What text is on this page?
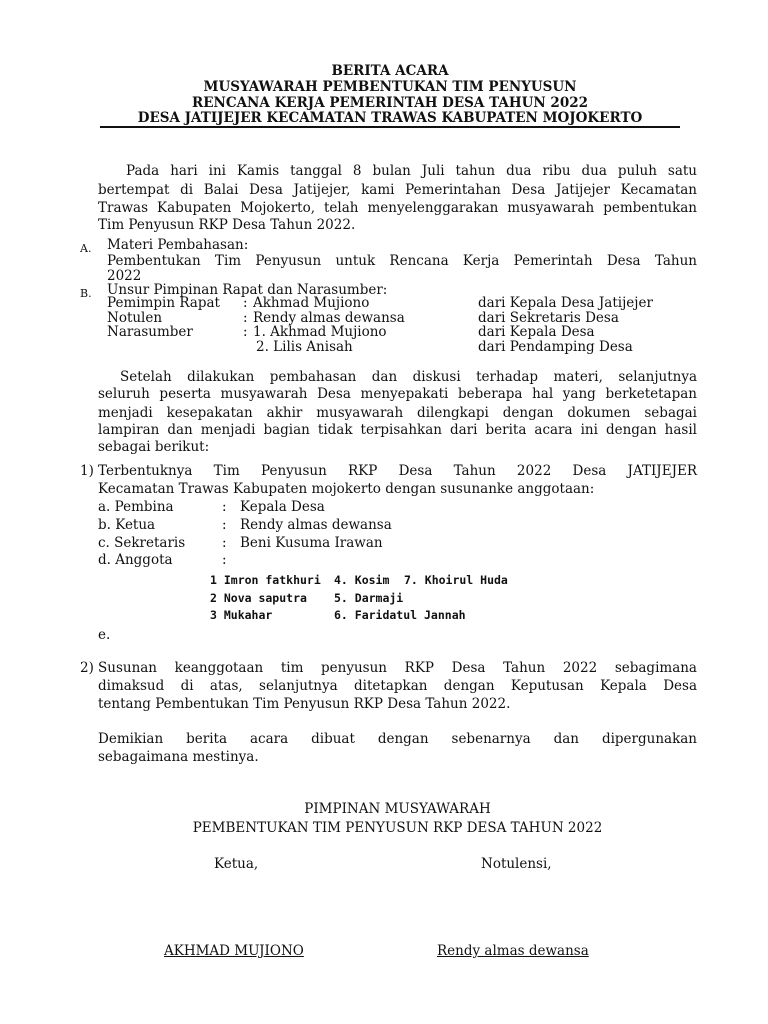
BERITA ACARA
MUSYAWARAH PEMBENTUKAN TIM PENYUSUN
RENCANA KERJA PEMERINTAH DESA TAHUN 2022
DESA JATIJEJER KECAMATAN TRAWAS KABUPATEN MOJOKERTO
Pada hari ini Kamis tanggal 8 bulan Juli tahun dua ribu dua puluh satu
bertempat di Balai Desa Jatijejer, kami Pemerintahan Desa Jatijejer Kecamatan
Trawas Kabupaten Mojokerto, telah menyelenggarakan musyawarah pembentukan
Tim Penyusun RKP Desa Tahun 2022.
A. Materi Pembahasan:
Pembentukan Tim Penyusun untuk Rencana Kerja Pemerintah Desa Tahun
2022
B. Unsur Pimpinan Rapat dan Narasumber:
Pemimpin Rapat : Akhmad Mujiono	dari Kepala Desa Jatijejer
Notulen	: Rendy almas dewansa	dari Sekretaris Desa
Narasumber	: 1. Akhmad Mujiono	dari Kepala Desa
2. Lilis Anisah	dari Pendamping Desa
Setelah dilakukan pembahasan dan diskusi terhadap materi, selanjutnya
seluruh peserta musyawarah Desa menyepakati beberapa hal yang berketetapan
menjadi kesepakatan akhir musyawarah dilengkapi dengan dokumen sebagai
lampiran dan menjadi bagian tidak terpisahkan dari berita acara ini dengan hasil
sebagai berikut:
1) Terbentuknya Tim Penyusun RKP Desa Tahun 2022 Desa JATIJEJER
Kecamatan Trawas Kabupaten mojokerto dengan susunanke anggotaan:
a. Pembina	: Kepala Desa
b. Ketua	: Rendy almas dewansa
c. Sekretaris	: Beni Kusuma Irawan
d. Anggota	:
1 Imron fatkhuri 4. Kosim 7. Khoirul Huda
2 Nova saputra 5. Darmaji
3 Mukahar	6. Faridatul Jannah
e.
2) Susunan keanggotaan tim penyusun RKP Desa Tahun 2022 sebagimana
dimaksud di atas, selanjutnya ditetapkan dengan Keputusan Kepala Desa
tentang Pembentukan Tim Penyusun RKP Desa Tahun 2022.
Demikian berita acara dibuat dengan sebenarnya dan dipergunakan
sebagaimana mestinya.
PIMPINAN MUSYAWARAH
PEMBENTUKAN TIM PENYUSUN RKP DESA TAHUN 2022
Ketua,	Notulensi,
AKHMAD MUJIONO	Rendy almas dewansa
